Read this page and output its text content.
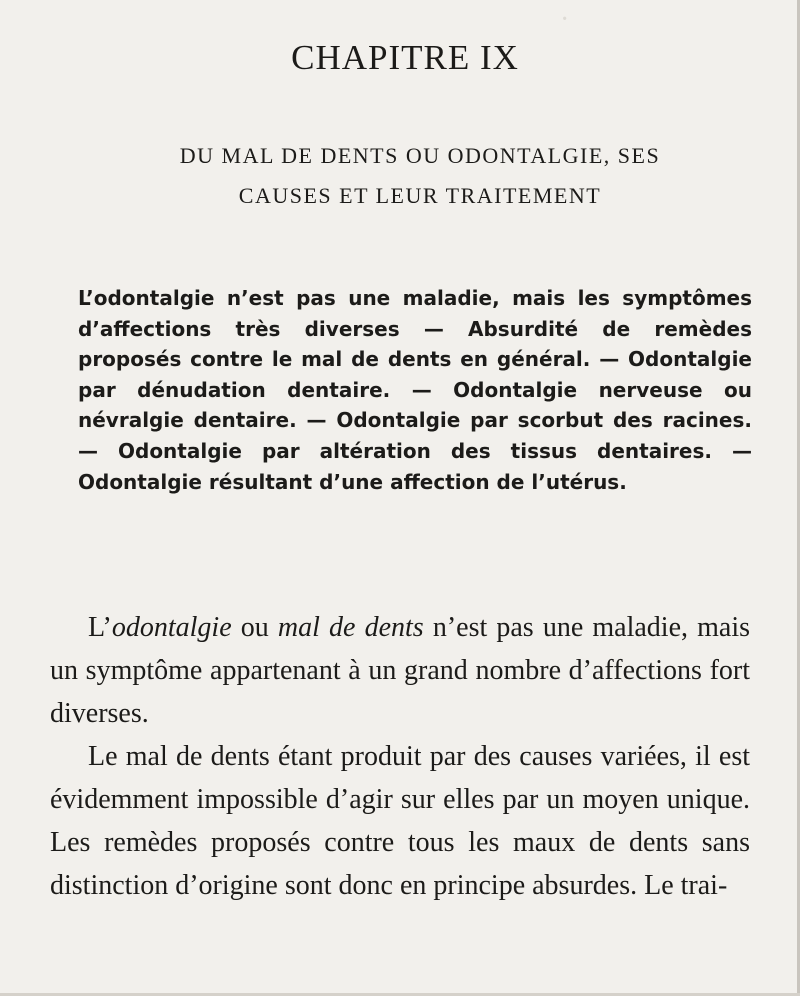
·
CHAPITRE IX
DU MAL DE DENTS OU ODONTALGIE, SES
CAUSES ET LEUR TRAITEMENT

L’odontalgie n’est pas une maladie, mais les symptômes d’affections très diverses — Absurdité de remèdes proposés contre le mal de dents en général. — Odontalgie par dénudation dentaire. — Odontalgie nerveuse ou névralgie dentaire. — Odontalgie par scorbut des racines. — Odontalgie par altération des tissus dentaires. — Odontalgie résultant d’une affection de l’utérus.

L’odontalgie ou mal de dents n’est pas une maladie, mais un symptôme appartenant à un grand nombre d’affections fort diverses.

Le mal de dents étant produit par des causes variées, il est évidemment impossible d’agir sur elles par un moyen unique. Les remèdes proposés contre tous les maux de dents sans distinction d’origine sont donc en principe absurdes. Le trai-
